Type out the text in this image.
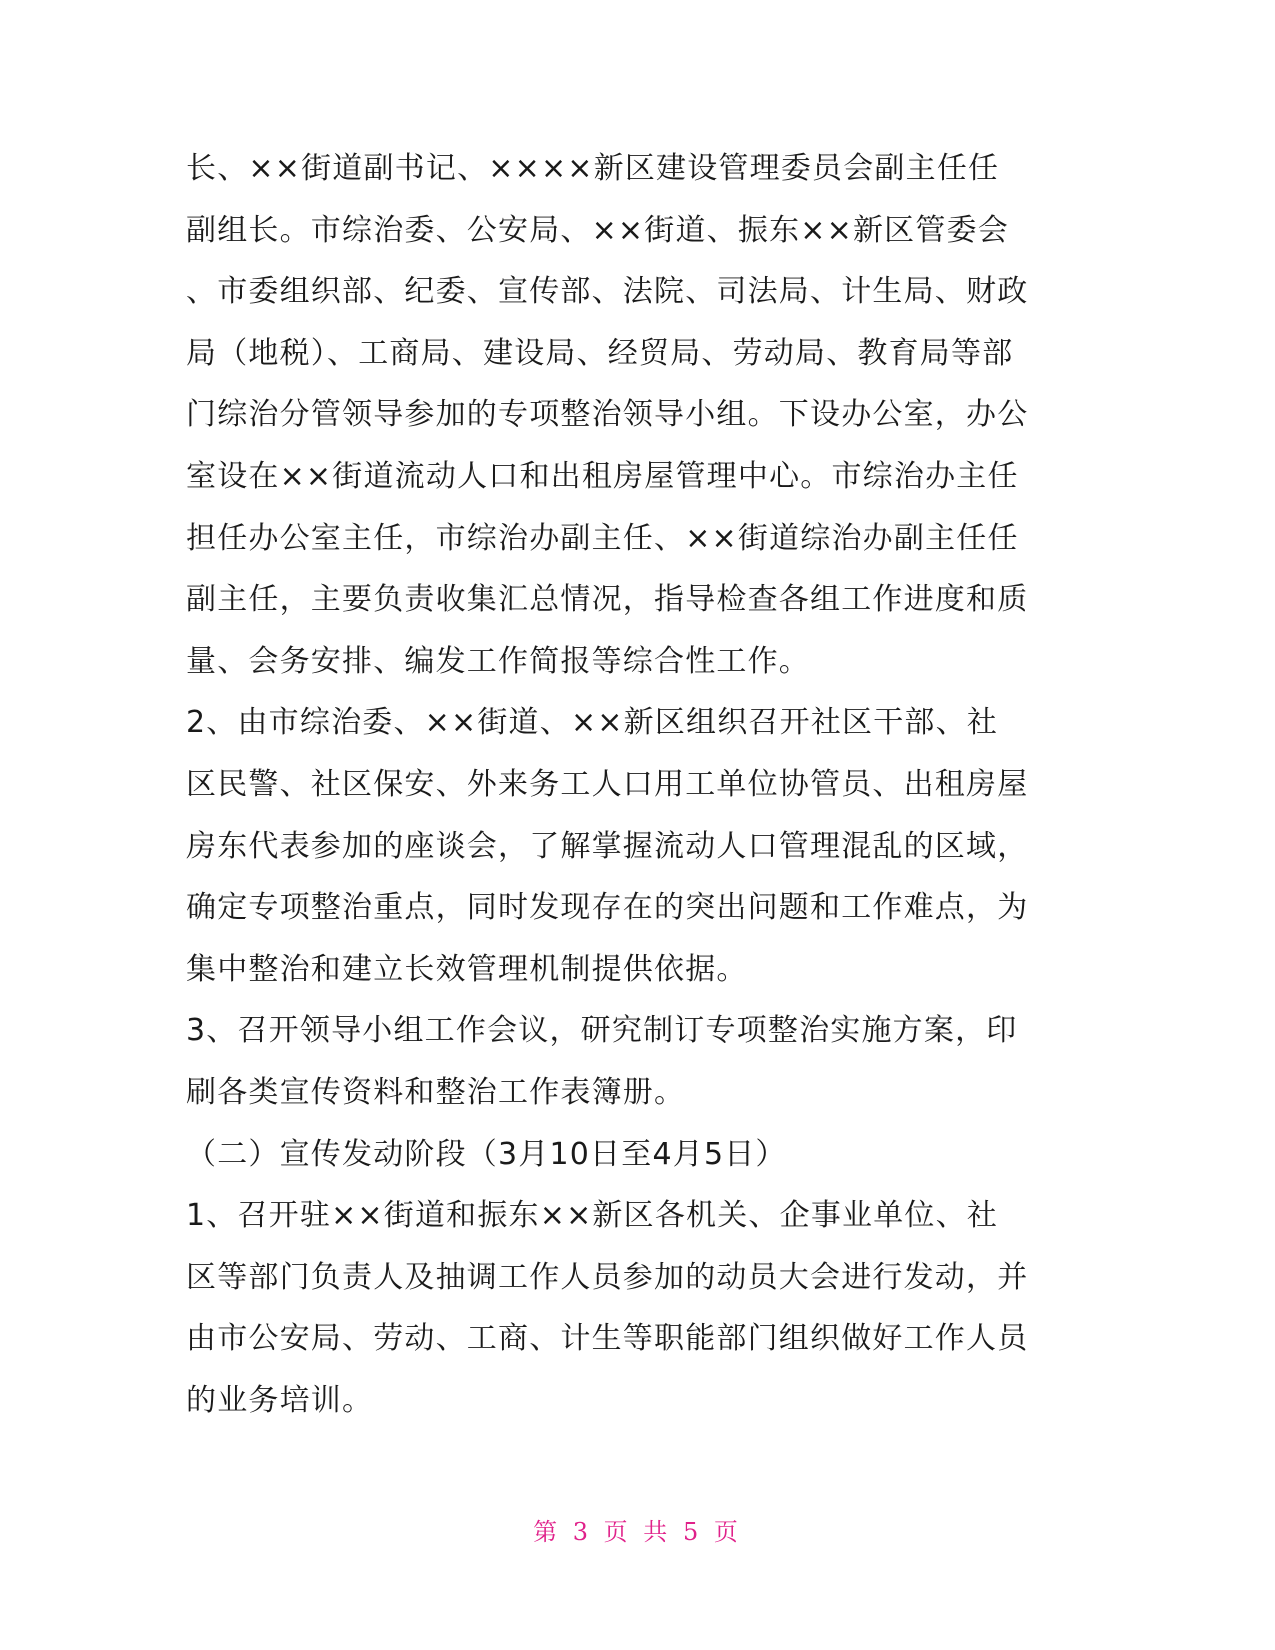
长、××街道副书记、××××新区建设管理委员会副主任任
副组长。市综治委、公安局、××街道、振东××新区管委会
、市委组织部、纪委、宣传部、法院、司法局、计生局、财政
局（地税）、工商局、建设局、经贸局、劳动局、教育局等部
门综治分管领导参加的专项整治领导小组。下设办公室，办公
室设在××街道流动人口和出租房屋管理中心。市综治办主任
担任办公室主任，市综治办副主任、××街道综治办副主任任
副主任，主要负责收集汇总情况，指导检查各组工作进度和质
量、会务安排、编发工作简报等综合性工作。
2、由市综治委、××街道、××新区组织召开社区干部、社
区民警、社区保安、外来务工人口用工单位协管员、出租房屋
房东代表参加的座谈会，了解掌握流动人口管理混乱的区域，
确定专项整治重点，同时发现存在的突出问题和工作难点，为
集中整治和建立长效管理机制提供依据。
3、召开领导小组工作会议，研究制订专项整治实施方案，印
刷各类宣传资料和整治工作表簿册。
（二）宣传发动阶段（3月10日至4月5日）
1、召开驻××街道和振东××新区各机关、企事业单位、社
区等部门负责人及抽调工作人员参加的动员大会进行发动，并
由市公安局、劳动、工商、计生等职能部门组织做好工作人员
的业务培训。
第 3 页 共 5 页
